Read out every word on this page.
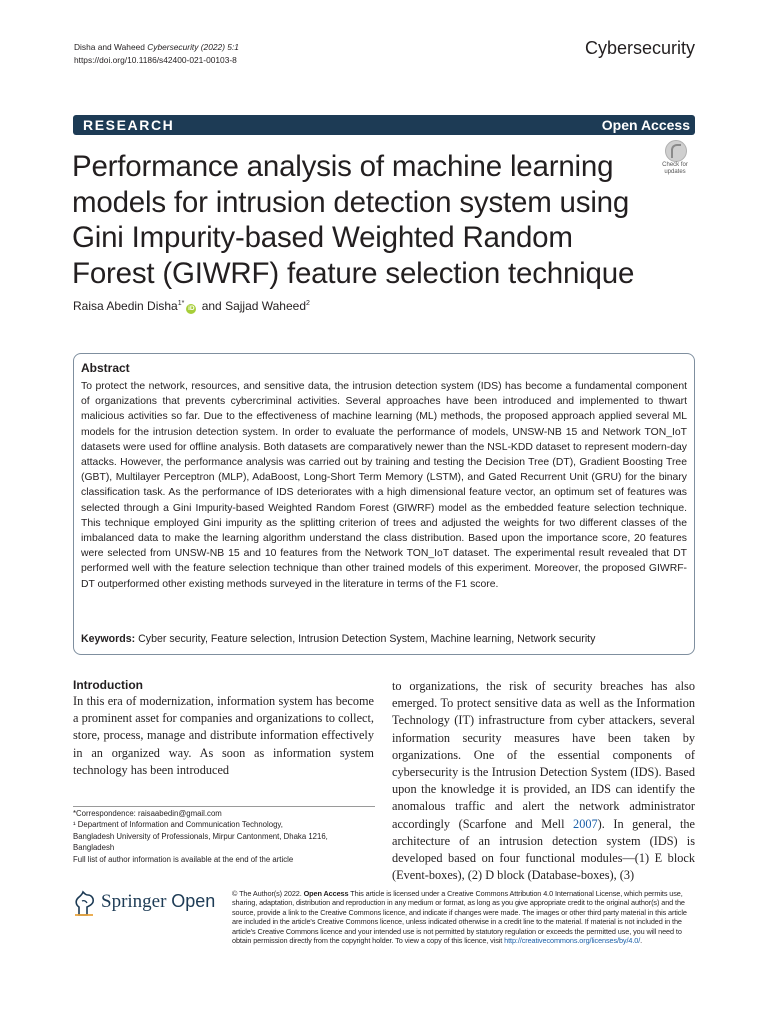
Disha and Waheed Cybersecurity (2022) 5:1
https://doi.org/10.1186/s42400-021-00103-8
Cybersecurity
RESEARCH	Open Access
Performance analysis of machine learning models for intrusion detection system using Gini Impurity-based Weighted Random Forest (GIWRF) feature selection technique
Check for
updates
Raisa Abedin Disha$^{1*}$iD and Sajjad Waheed$^2$
Abstract

To protect the network, resources, and sensitive data, the intrusion detection system (IDS) has become a fundamental component of organizations that prevents cybercriminal activities. Several approaches have been introduced and implemented to thwart malicious activities so far. Due to the effectiveness of machine learning (ML) methods, the proposed approach applied several ML models for the intrusion detection system. In order to evaluate the performance of models, UNSW-NB 15 and Network TON_IoT datasets were used for offline analysis. Both datasets are comparatively newer than the NSL-KDD dataset to represent modern-day attacks. However, the performance analysis was carried out by training and testing the Decision Tree (DT), Gradient Boosting Tree (GBT), Multilayer Perceptron (MLP), AdaBoost, Long-Short Term Memory (LSTM), and Gated Recurrent Unit (GRU) for the binary classification task. As the performance of IDS deteriorates with a high dimensional feature vector, an optimum set of features was selected through a Gini Impurity-based Weighted Random Forest (GIWRF) model as the embedded feature selection technique. This technique employed Gini impurity as the splitting criterion of trees and adjusted the weights for two different classes of the imbalanced data to make the learning algorithm understand the class distribution. Based upon the importance score, 20 features were selected from UNSW-NB 15 and 10 features from the Network TON_IoT dataset. The experimental result revealed that DT performed well with the feature selection technique than other trained models of this experiment. Moreover, the proposed GIWRF-DT outperformed other existing methods surveyed in the literature in terms of the F1 score.

Keywords: Cyber security, Feature selection, Intrusion Detection System, Machine learning, Network security
Introduction

In this era of modernization, information system has become a prominent asset for companies and organizations to collect, store, process, manage and distribute information effectively in an organized way. As soon as information system technology has been introduced

to organizations, the risk of security breaches has also emerged. To protect sensitive data as well as the Information Technology (IT) infrastructure from cyber attackers, several information security measures have been taken by organizations. One of the essential components of cybersecurity is the Intrusion Detection System (IDS). Based upon the knowledge it is provided, an IDS can identify the anomalous traffic and alert the network administrator accordingly (Scarfone and Mell 2007). In general, the architecture of an intrusion detection system (IDS) is developed based on four functional modules—(1) E block (Event-boxes), (2) D block (Database-boxes), (3)

*Correspondence: raisaabedin@gmail.com
¹ Department of Information and Communication Technology,
Bangladesh University of Professionals, Mirpur Cantonment, Dhaka 1216,
Bangladesh
Full list of author information is available at the end of the article
Springer Open © The Author(s) 2022. Open Access This article is licensed under a Creative Commons Attribution 4.0 International License, which permits use, sharing, adaptation, distribution and reproduction in any medium or format, as long as you give appropriate credit to the original author(s) and the source, provide a link to the Creative Commons licence, and indicate if changes were made. The images or other third party material in this article are included in the article's Creative Commons licence, unless indicated otherwise in a credit line to the material. If material is not included in the article's Creative Commons licence and your intended use is not permitted by statutory regulation or exceeds the permitted use, you will need to obtain permission directly from the copyright holder. To view a copy of this licence, visit http://creativecommons.org/licenses/by/4.0/.
